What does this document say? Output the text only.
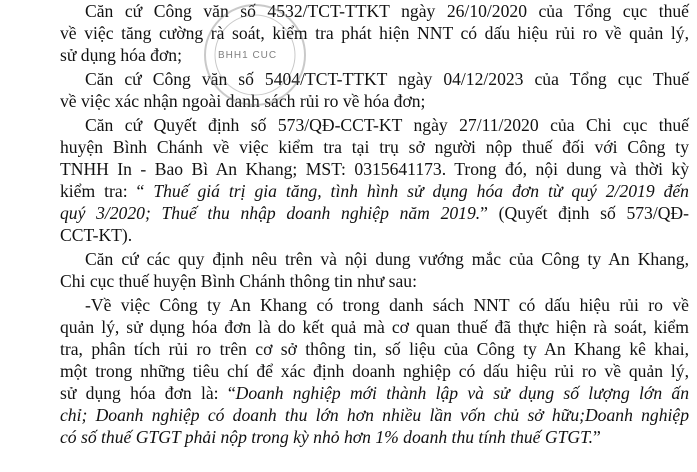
Căn cứ Công văn số 4532/TCT-TTKT ngày 26/10/2020 của Tổng cục thuế
về việc tăng cường rà soát, kiểm tra phát hiện NNT có dấu hiệu rủi ro về quản lý,
sử dụng hóa đơn;
Căn cứ Công văn số 5404/TCT-TTKT ngày 04/12/2023 của Tổng cục Thuế
về việc xác nhận ngoài danh sách rủi ro về hóa đơn;
Căn cứ Quyết định số 573/QĐ-CCT-KT ngày 27/11/2020 của Chi cục thuế
huyện Bình Chánh về việc kiểm tra tại trụ sở người nộp thuế đối với Công ty
TNHH In - Bao Bì An Khang; MST: 0315641173. Trong đó, nội dung và thời kỳ
kiểm tra: “ Thuế giá trị gia tăng, tình hình sử dụng hóa đơn từ quý 2/2019 đến
quý 3/2020; Thuế thu nhập doanh nghiệp năm 2019.” (Quyết định số 573/QĐ-
CCT-KT).
Căn cứ các quy định nêu trên và nội dung vướng mắc của Công ty An Khang,
Chi cục thuế huyện Bình Chánh thông tin như sau:
-Về việc Công ty An Khang có trong danh sách NNT có dấu hiệu rủi ro về
quản lý, sử dụng hóa đơn là do kết quả mà cơ quan thuế đã thực hiện rà soát, kiểm
tra, phân tích rủi ro trên cơ sở thông tin, số liệu của Công ty An Khang kê khai,
một trong những tiêu chí để xác định doanh nghiệp có dấu hiệu rủi ro về quản lý,
sử dụng hóa đơn là: “Doanh nghiệp mới thành lập và sử dụng số lượng lớn ấn
chỉ; Doanh nghiệp có doanh thu lớn hơn nhiều lần vốn chủ sở hữu;Doanh nghiệp
có số thuế GTGT phải nộp trong kỳ nhỏ hơn 1% doanh thu tính thuế GTGT.”
BHH1 CUC
